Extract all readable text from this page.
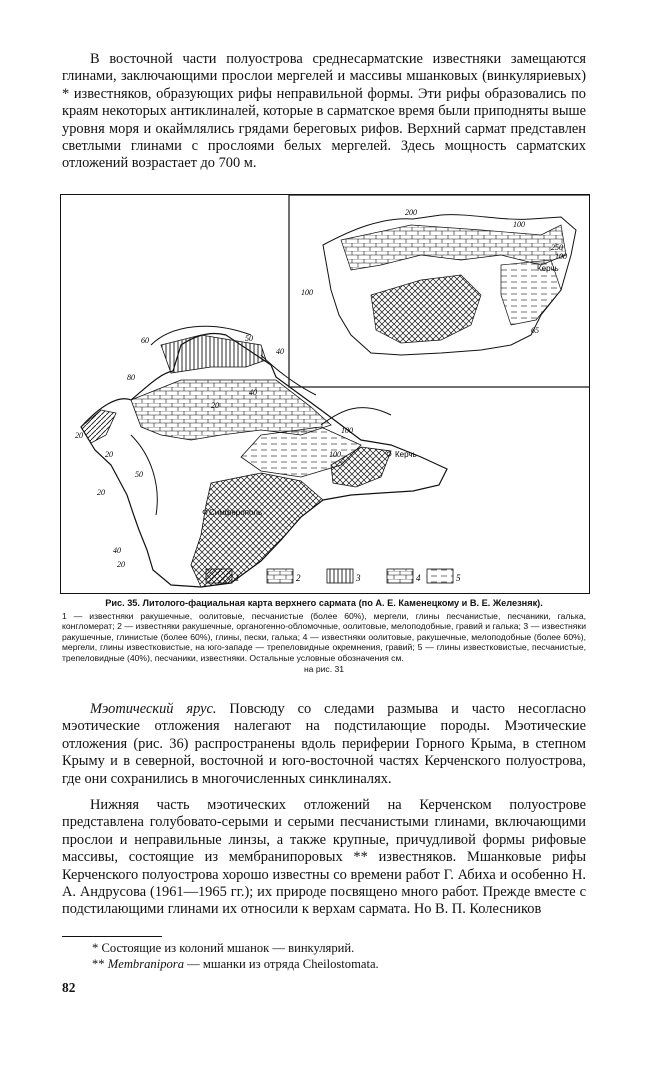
В восточной части полуострова среднесарматские известняки замещаются глинами, заключающими прослои мергелей и массивы мшанковых (винкуляриевых) * известняков, образующих рифы неправильной формы. Эти рифы образовались по краям некоторых антиклиналей, которые в сарматское время были приподняты выше уровня моря и окаймлялись грядами береговых рифов. Верхний сармат представлен светлыми глинами с прослоями белых мергелей. Здесь мощность сарматских отложений возрастает до 700 м.

40
60
80
50
20
40
20
20	100
50
20
40
20
100
Керчь
Симферополь
200
250
100
100
65
100
Керчь
1	2	3	4	5
Рис. 35. Литолого-фациальная карта верхнего сармата (по А. Е. Каменецкому и В. Е. Железняк).
1 — известняки ракушечные, оолитовые, песчанистые (более 60%), мергели, глины песчанистые, песчаники, галька, конгломерат; 2 — известняки ракушечные, органогенно-обломочные, оолитовые, мелоподобные, гравий и галька; 3 — известняки ракушечные, глинистые (более 60%), глины, пески, галька; 4 — известняки оолитовые, ракушечные, мелоподобные (более 60%), мергели, глины известковистые, на юго-западе — трепеловидные окремнения, гравий; 5 — глины известковистые, песчанистые, трепеловидные (40%), песчаники, известняки. Остальные условные обозначения см.
на рис. 31

Мэотический ярус. Повсюду со следами размыва и часто несогласно мэотические отложения налегают на подстилающие породы. Мэотические отложения (рис. 36) распространены вдоль периферии Горного Крыма, в степном Крыму и в северной, восточной и юго-восточной частях Керченского полуострова, где они сохранились в многочисленных синклиналях.

Нижняя часть мэотических отложений на Керченском полуострове представлена голубовато-серыми и серыми песчанистыми глинами, включающими прослои и неправильные линзы, а также крупные, причудливой формы рифовые массивы, состоящие из мембранипоровых ** известняков. Мшанковые рифы Керченского полуострова хорошо известны со времени работ Г. Абиха и особенно Н. А. Андрусова (1961—1965 гг.); их природе посвящено много работ. Прежде вместе с подстилающими глинами их относили к верхам сармата. Но В. П. Колесников

* Состоящие из колоний мшанок — винкулярий.
** Membranipora — мшанки из отряда Cheilostomata.
82
